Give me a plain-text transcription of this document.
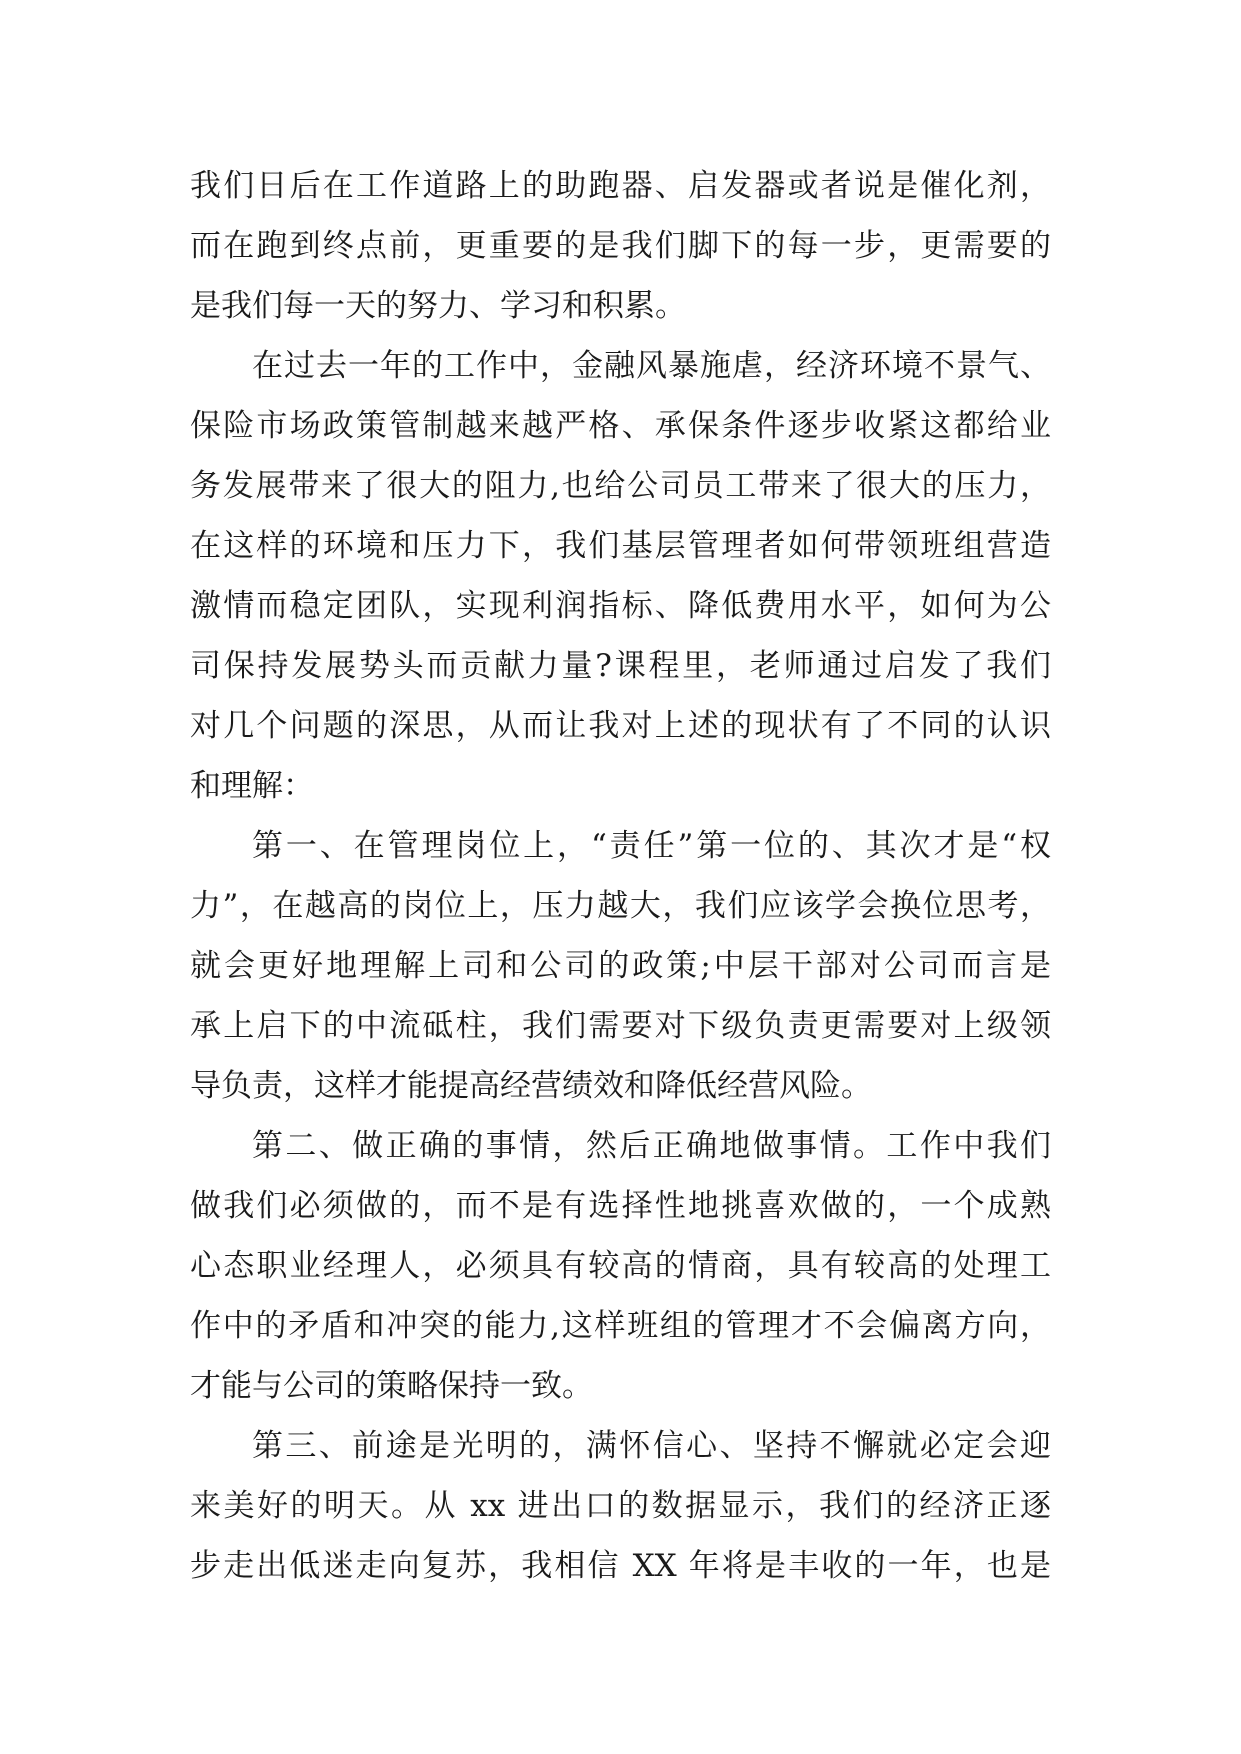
我们日后在工作道路上的助跑器、启发器或者说是催化剂，
而在跑到终点前，更重要的是我们脚下的每一步，更需要的
是我们每一天的努力、学习和积累。
在过去一年的工作中，金融风暴施虐，经济环境不景气、
保险市场政策管制越来越严格、承保条件逐步收紧这都给业
务发展带来了很大的阻力,也给公司员工带来了很大的压力，
在这样的环境和压力下，我们基层管理者如何带领班组营造
激情而稳定团队，实现利润指标、降低费用水平，如何为公
司保持发展势头而贡献力量?课程里，老师通过启发了我们
对几个问题的深思，从而让我对上述的现状有了不同的认识
和理解：
第一、在管理岗位上，“责任”第一位的、其次才是“权
力”，在越高的岗位上，压力越大，我们应该学会换位思考，
就会更好地理解上司和公司的政策;中层干部对公司而言是
承上启下的中流砥柱，我们需要对下级负责更需要对上级领
导负责，这样才能提高经营绩效和降低经营风险。
第二、做正确的事情，然后正确地做事情。工作中我们
做我们必须做的，而不是有选择性地挑喜欢做的，一个成熟
心态职业经理人，必须具有较高的情商，具有较高的处理工
作中的矛盾和冲突的能力,这样班组的管理才不会偏离方向，
才能与公司的策略保持一致。
第三、前途是光明的，满怀信心、坚持不懈就必定会迎
来美好的明天。从 xx 进出口的数据显示，我们的经济正逐
步走出低迷走向复苏，我相信 XX 年将是丰收的一年，也是
